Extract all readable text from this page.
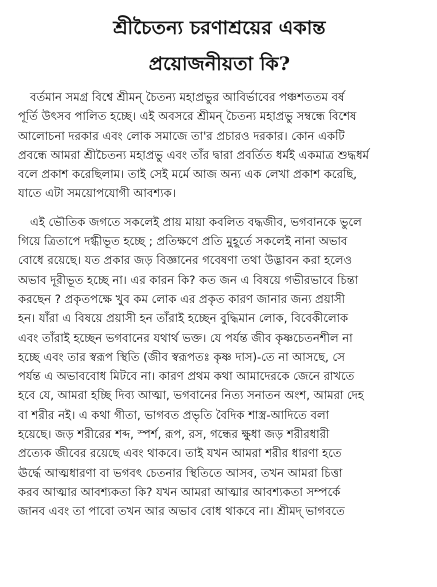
শ্রীচৈতন্য চরণাশ্রয়ের একান্ত
প্রয়োজনীয়তা কি?

বর্তমান সমগ্র বিশ্বে শ্রীমন্ চৈতন্য মহাপ্রভুর আবির্ভাবের পঞ্চশততম বর্ষ
পূর্তি উৎসব পালিত হচ্ছে। এই অবসরে শ্রীমন্ চৈতন্য মহাপ্রভু সম্বন্ধে বিশেষ
আলোচনা দরকার এবং লোক সমাজে তা'র প্রচারও দরকার। কোন একটি
প্রবন্ধে আমরা শ্রীচৈতন্য মহাপ্রভু এবং তাঁর দ্বারা প্রবর্তিত ধর্মই একমাত্র শুদ্ধধর্ম
বলে প্রকাশ করেছিলাম। তাই সেই মর্মে আজ অন্য এক লেখা প্রকাশ করেছি,
যাতে এটা সময়োপযোগী আবশ্যক।

এই ভৌতিক জগতে সকলেই প্রায় মায়া কবলিত বদ্ধজীব, ভগবানকে ভুলে
গিয়ে ত্রিতাপে দগ্ধীভূত হচ্ছে ; প্রতিক্ষণে প্রতি মুহূর্তে সকলেই নানা অভাব
বোধে রয়েছে। যত প্রকার জড় বিজ্ঞানের গবেষণা তথা উদ্ভাবন করা হলেও
অভাব দূরীভূত হচ্ছে না। এর কারন কি? কত জন এ বিষয়ে গভীরভাবে চিন্তা
করছেন ? প্রকৃতপক্ষে খুব কম লোক এর প্রকৃত কারণ জানার জন্য প্রয়াসী
হন। যাঁরা এ বিষয়ে প্রয়াসী হন তাঁরাই হচ্ছেন বুদ্ধিমান লোক, বিবেকীলোক
এবং তাঁরাই হচ্ছেন ভগবানের যথার্থ ভক্ত। যে পর্যন্ত জীব কৃষ্ণচেতনশীল না
হচ্ছে এবং তার স্বরূপ স্থিতি (জীব স্বরূপতঃ কৃষ্ণ দাস)-তে না আসছে, সে
পর্যন্ত এ অভাববোধ মিটবে না। কারণ প্রথম কথা আমাদেরকে জেনে রাখতে
হবে যে, আমরা হচ্ছি দিব্য আত্মা, ভগবানের নিত্য সনাতন অংশ, আমরা দেহ
বা শরীর নই। এ কথা গীতা, ভাগবত প্রভৃতি বৈদিক শাস্ত্র-আদিতে বলা
হয়েছে। জড় শরীরের শব্দ, স্পর্শ, রূপ, রস, গন্ধের ক্ষুধা জড় শরীরধারী
প্রত্যেক জীবের রয়েছে এবং থাকবে। তাই যখন আমরা শরীর ধারণা হতে
ঊর্দ্ধে আত্মধারণা বা ভগবৎ চেতনার স্থিতিতে আসব, তখন আমরা চিত্তা
করব আত্মার আবশ্যকতা কি? যখন আমরা আত্মার আবশ্যকতা সম্পর্কে
জানব এবং তা পাবো তখন আর অভাব বোধ থাকবে না। শ্রীমদ্ ভাগবতে
